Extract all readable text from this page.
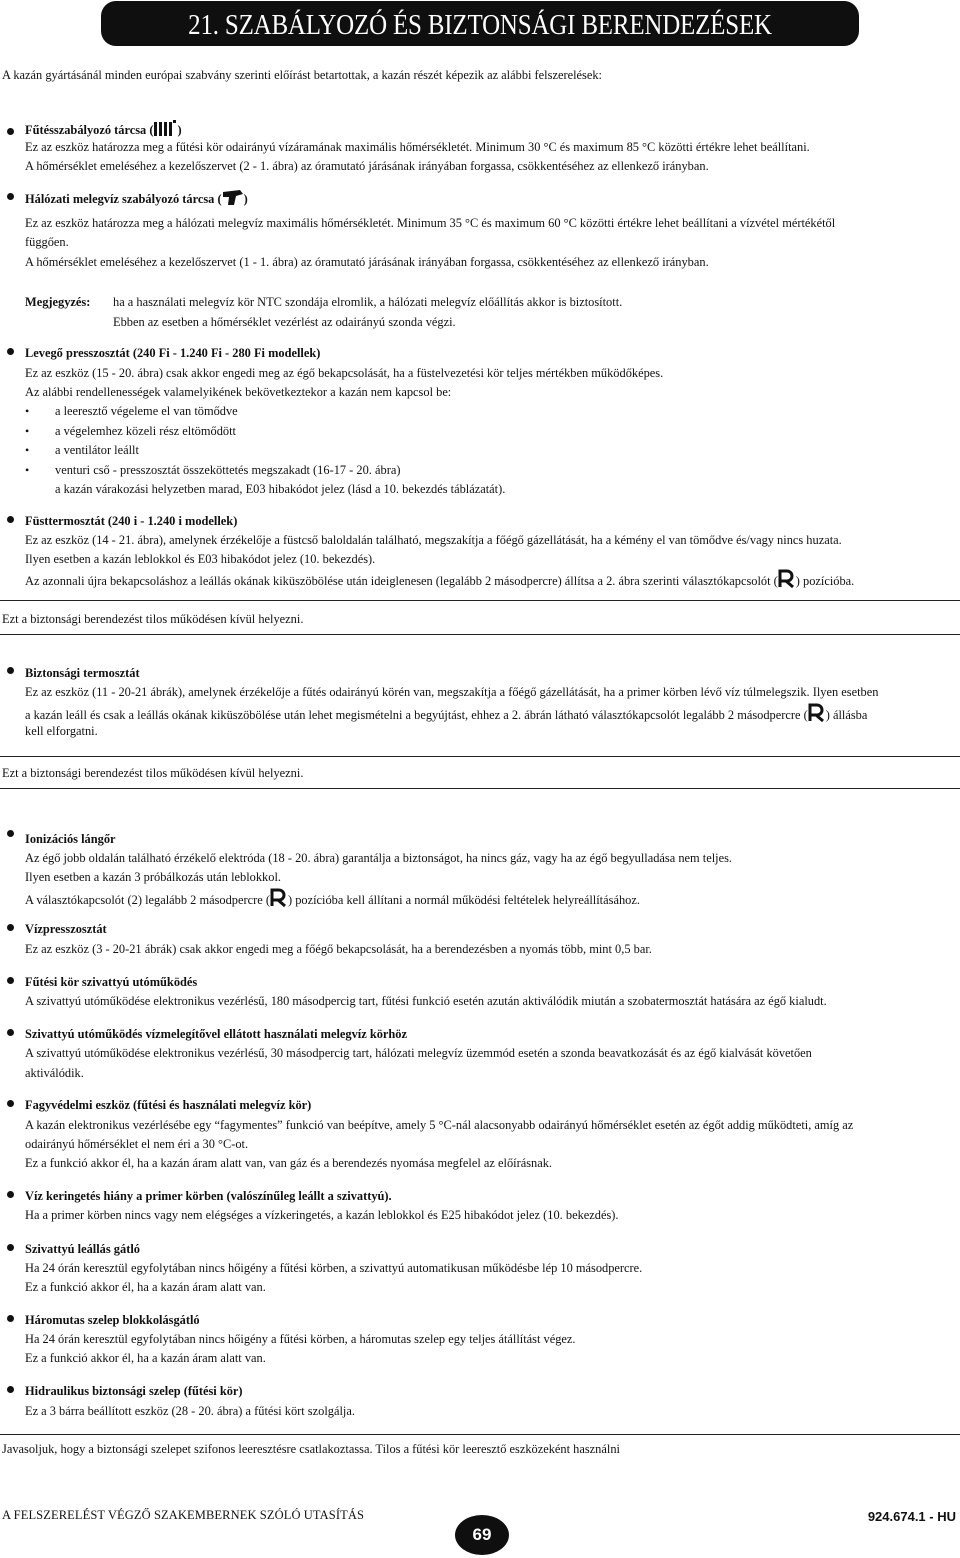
21. SZABÁLYOZÓ ÉS BIZTONSÁGI BERENDEZÉSEK
A kazán gyártásánál minden európai szabvány szerinti előírást betartottak, a kazán részét képezik az alábbi felszerelések:
Fűtésszabályozó tárcsa ( )
Ez az eszköz határozza meg a fűtési kör odairányú vízáramának maximális hőmérsékletét. Minimum 30 °C és maximum 85 °C közötti értékre lehet beállítani.
A hőmérséklet emeléséhez a kezelőszervet (2 - 1. ábra) az óramutató járásának irányában forgassa, csökkentéséhez az ellenkező irányban.
Hálózati melegvíz szabályozó tárcsa ( )
Ez az eszköz határozza meg a hálózati melegvíz maximális hőmérsékletét. Minimum 35 °C és maximum 60 °C közötti értékre lehet beállítani a vízvétel mértékétől
függően.
A hőmérséklet emeléséhez a kezelőszervet (1 - 1. ábra) az óramutató járásának irányában forgassa, csökkentéséhez az ellenkező irányban.
Megjegyzés: ha a használati melegvíz kör NTC szondája elromlik, a hálózati melegvíz előállítás akkor is biztosított.
Ebben az esetben a hőmérséklet vezérlést az odairányú szonda végzi.
Levegő presszosztát (240 Fi - 1.240 Fi - 280 Fi modellek)
Ez az eszköz (15 - 20. ábra) csak akkor engedi meg az égő bekapcsolását, ha a füstelvezetési kör teljes mértékben működőképes.
Az alábbi rendellenességek valamelyikének bekövetkeztekor a kazán nem kapcsol be:
• a leeresztő végeleme el van tömődve
• a végelemhez közeli rész eltömődött
• a ventilátor leállt
• venturi cső - presszosztát összeköttetés megszakadt (16-17 - 20. ábra)
a kazán várakozási helyzetben marad, E03 hibakódot jelez (lásd a 10. bekezdés táblázatát).
Füsttermosztát (240 i - 1.240 i modellek)
Ez az eszköz (14 - 21. ábra), amelynek érzékelője a füstcső baloldalán található, megszakítja a főégő gázellátását, ha a kémény el van tömődve és/vagy nincs huzata.
Ilyen esetben a kazán leblokkol és E03 hibakódot jelez (10. bekezdés).
Az azonnali újra bekapcsoláshoz a leállás okának kiküszöbölése után ideiglenesen (legalább 2 másodpercre) állítsa a 2. ábra szerinti választókapcsolót ( ) pozícióba.
Ezt a biztonsági berendezést tilos működésen kívül helyezni.
Biztonsági termosztát
Ez az eszköz (11 - 20-21 ábrák), amelynek érzékelője a fűtés odairányú körén van, megszakítja a főégő gázellátását, ha a primer körben lévő víz túlmelegszik. Ilyen esetben
a kazán leáll és csak a leállás okának kiküszöbölése után lehet megismételni a begyújtást, ehhez a 2. ábrán látható választókapcsolót legalább 2 másodpercre ( ) állásba
kell elforgatni.
Ezt a biztonsági berendezést tilos működésen kívül helyezni.
Ionizációs lángőr
Az égő jobb oldalán található érzékelő elektróda (18 - 20. ábra) garantálja a biztonságot, ha nincs gáz, vagy ha az égő begyulladása nem teljes.
Ilyen esetben a kazán 3 próbálkozás után leblokkol.
A választókapcsolót (2) legalább 2 másodpercre ( ) pozícióba kell állítani a normál működési feltételek helyreállításához.
Vízpresszosztát
Ez az eszköz (3 - 20-21 ábrák) csak akkor engedi meg a főégő bekapcsolását, ha a berendezésben a nyomás több, mint 0,5 bar.
Fűtési kör szivattyú utóműködés
A szivattyú utóműködése elektronikus vezérlésű, 180 másodpercig tart, fűtési funkció esetén azután aktiválódik miután a szobatermosztát hatására az égő kialudt.
Szivattyú utóműködés vízmelegítővel ellátott használati melegvíz körhöz
A szivattyú utóműködése elektronikus vezérlésű, 30 másodpercig tart, hálózati melegvíz üzemmód esetén a szonda beavatkozását és az égő kialvását követően
aktiválódik.
Fagyvédelmi eszköz (fűtési és használati melegvíz kör)
A kazán elektronikus vezérlésébe egy “fagymentes” funkció van beépítve, amely 5 °C-nál alacsonyabb odairányú hőmérséklet esetén az égőt addig működteti, amíg az
odairányú hőmérséklet el nem éri a 30 °C-ot.
Ez a funkció akkor él, ha a kazán áram alatt van, van gáz és a berendezés nyomása megfelel az előírásnak.
Víz keringetés hiány a primer körben (valószínűleg leállt a szivattyú).
Ha a primer körben nincs vagy nem elégséges a vízkeringetés, a kazán leblokkol és E25 hibakódot jelez (10. bekezdés).
Szivattyú leállás gátló
Ha 24 órán keresztül egyfolytában nincs hőigény a fűtési körben, a szivattyú automatikusan működésbe lép 10 másodpercre.
Ez a funkció akkor él, ha a kazán áram alatt van.
Háromutas szelep blokkolásgátló
Ha 24 órán keresztül egyfolytában nincs hőigény a fűtési körben, a háromutas szelep egy teljes átállítást végez.
Ez a funkció akkor él, ha a kazán áram alatt van.
Hidraulikus biztonsági szelep (fűtési kör)
Ez a 3 bárra beállított eszköz (28 - 20. ábra) a fűtési kört szolgálja.
Javasoljuk, hogy a biztonsági szelepet szifonos leeresztésre csatlakoztassa. Tilos a fűtési kör leeresztő eszközeként használni
A FELSZERELÉST VÉGZŐ SZAKEMBERNEK SZÓLÓ UTASÍTÁS
69
924.674.1 - HU
